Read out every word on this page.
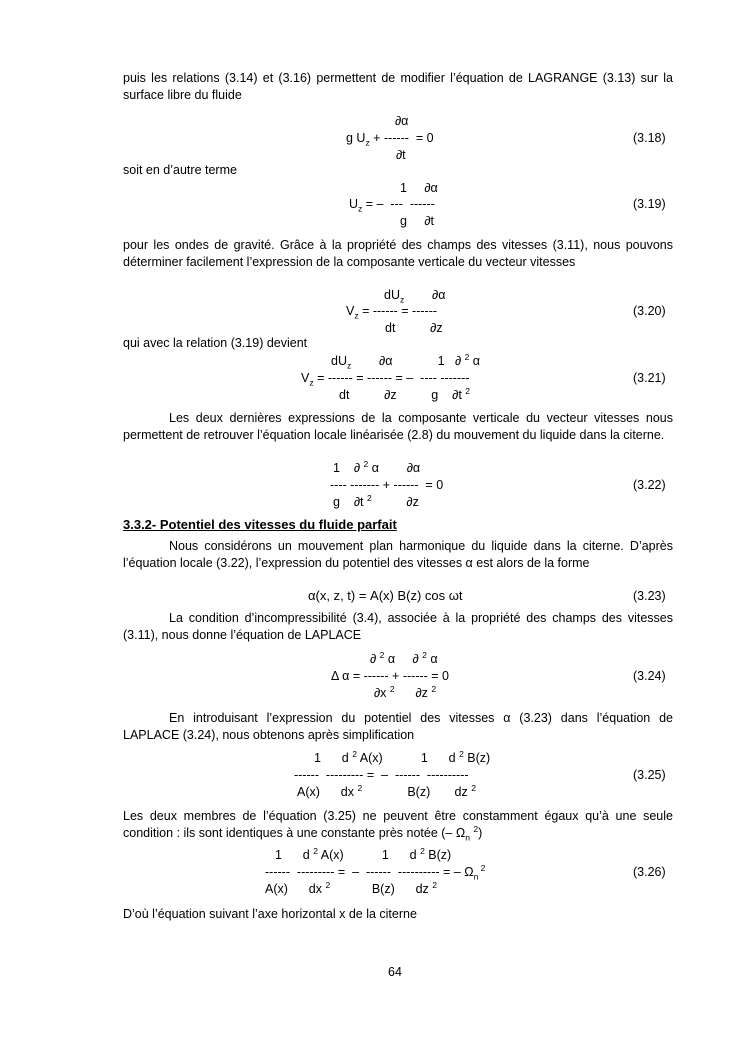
puis les relations (3.14) et (3.16) permettent de modifier l’équation de LAGRANGE (3.13) sur la surface libre du fluide

∂α
g $U_z$ + ------  = 0
∂t
(3.18)

soit en d’autre terme

1     ∂α
$U_z$ = –  ---  ------
g     ∂t
(3.19)

pour les ondes de gravité. Grâce à la propriété des champs des vitesses (3.11), nous pouvons déterminer facilement l’expression de la composante verticale du vecteur vitesses

$dU_z$        ∂α
$V_z$ = ------ = ------
dt          ∂z
(3.20)

qui avec la relation (3.19) devient

$dU_z$        ∂α             1   ∂ $^2$ α
$V_z$ = ------ = ------ = –  ---- -------
dt          ∂z          g    ∂t $^2$
(3.21)

Les deux dernières expressions de la composante verticale du vecteur vitesses nous permettent de retrouver l’équation locale linéarisée (2.8) du mouvement du liquide dans la citerne.

1    ∂ $^2$ α        ∂α
---- ------- + ------  = 0
g    ∂t $^2$          ∂z
(3.22)
3.3.2- Potentiel des vitesses du fluide parfait

Nous considérons un mouvement plan harmonique du liquide dans la citerne. D’après l’équation locale (3.22), l’expression du potentiel des vitesses α est alors de la forme

α(x, z, t) = A(x) B(z) cos ωt	(3.23)

La condition d’incompressibilité (3.4), associée à la propriété des champs des vitesses (3.11), nous donne l’équation de LAPLACE

∂ $^2$ α     ∂ $^2$ α
Δ α = ------ + ------ = 0
∂x $^2$      ∂z $^2$
(3.24)

En introduisant l’expression du potentiel des vitesses α (3.23) dans l’équation de LAPLACE (3.24), nous obtenons après simplification

1      d $^2$ A(x)           1      d $^2$ B(z)
------  --------- =  –  ------  ----------
A(x)      dx $^2$             B(z)       dz $^2$
(3.25)

Les deux membres de l’équation (3.25) ne peuvent être constamment égaux qu’à une seule condition : ils sont identiques à une constante près notée (– $\Omega_n$ $^2$)

1      d $^2$ A(x)           1      d $^2$ B(z)
------  --------- =  –  ------  ---------- = – $\Omega_n$ $^2$
A(x)      dx $^2$            B(z)      dz $^2$
(3.26)

D’où l’équation suivant l’axe horizontal x de la citerne

64
